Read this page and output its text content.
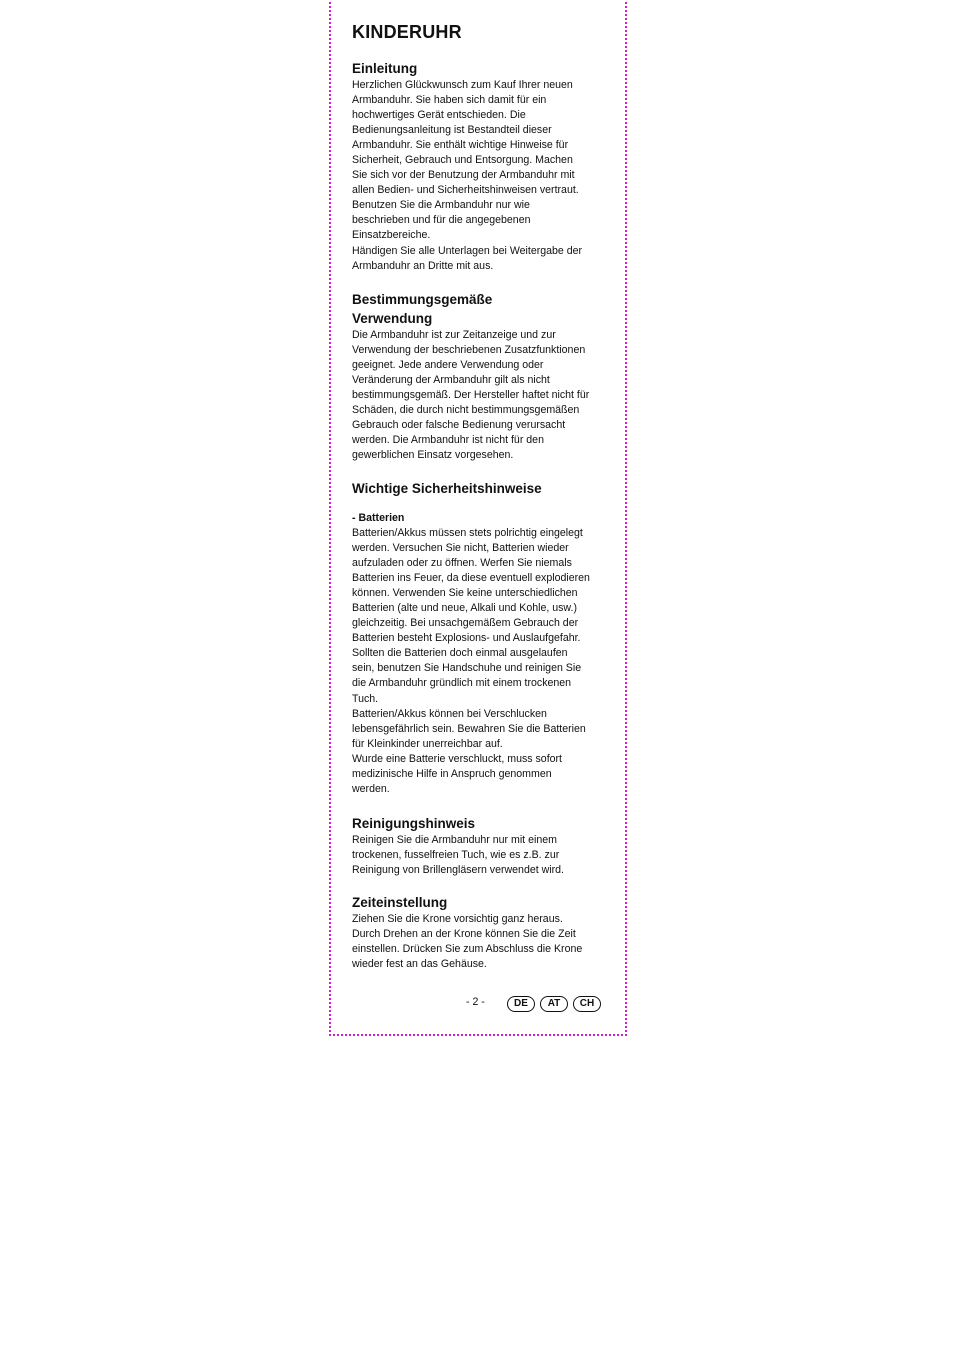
KINDERUHR
Einleitung

Herzlichen Glückwunsch zum Kauf Ihrer neuen

Armbanduhr. Sie haben sich damit für ein

hochwertiges Gerät entschieden. Die

Bedienungsanleitung ist Bestandteil dieser

Armbanduhr. Sie enthält wichtige Hinweise für

Sicherheit, Gebrauch und Entsorgung. Machen

Sie sich vor der Benutzung der Armbanduhr mit

allen Bedien- und Sicherheitshinweisen vertraut.

Benutzen Sie die Armbanduhr nur wie

beschrieben und für die angegebenen

Einsatzbereiche.

Händigen Sie alle Unterlagen bei Weitergabe der

Armbanduhr an Dritte mit aus.

Bestimmungsgemäße
Verwendung

Die Armbanduhr ist zur Zeitanzeige und zur

Verwendung der beschriebenen Zusatzfunktionen

geeignet. Jede andere Verwendung oder

Veränderung der Armbanduhr gilt als nicht

bestimmungsgemäß. Der Hersteller haftet nicht für

Schäden, die durch nicht bestimmungsgemäßen

Gebrauch oder falsche Bedienung verursacht

werden. Die Armbanduhr ist nicht für den

gewerblichen Einsatz vorgesehen.

Wichtige Sicherheitshinweise
- Batterien

Batterien/Akkus müssen stets polrichtig eingelegt

werden. Versuchen Sie nicht, Batterien wieder

aufzuladen oder zu öffnen. Werfen Sie niemals

Batterien ins Feuer, da diese eventuell explodieren

können. Verwenden Sie keine unterschiedlichen

Batterien (alte und neue, Alkali und Kohle, usw.)

gleichzeitig. Bei unsachgemäßem Gebrauch der

Batterien besteht Explosions- und Auslaufgefahr.

Sollten die Batterien doch einmal ausgelaufen

sein, benutzen Sie Handschuhe und reinigen Sie

die Armbanduhr gründlich mit einem trockenen

Tuch.

Batterien/Akkus können bei Verschlucken

lebensgefährlich sein. Bewahren Sie die Batterien

für Kleinkinder unerreichbar auf.

Wurde eine Batterie verschluckt, muss sofort

medizinische Hilfe in Anspruch genommen

werden.

Reinigungshinweis

Reinigen Sie die Armbanduhr nur mit einem

trockenen, fusselfreien Tuch, wie es z.B. zur

Reinigung von Brillengläsern verwendet wird.

Zeiteinstellung

Ziehen Sie die Krone vorsichtig ganz heraus.

Durch Drehen an der Krone können Sie die Zeit

einstellen. Drücken Sie zum Abschluss die Krone

wieder fest an das Gehäuse.

- 2 -	DE	AT	CH
